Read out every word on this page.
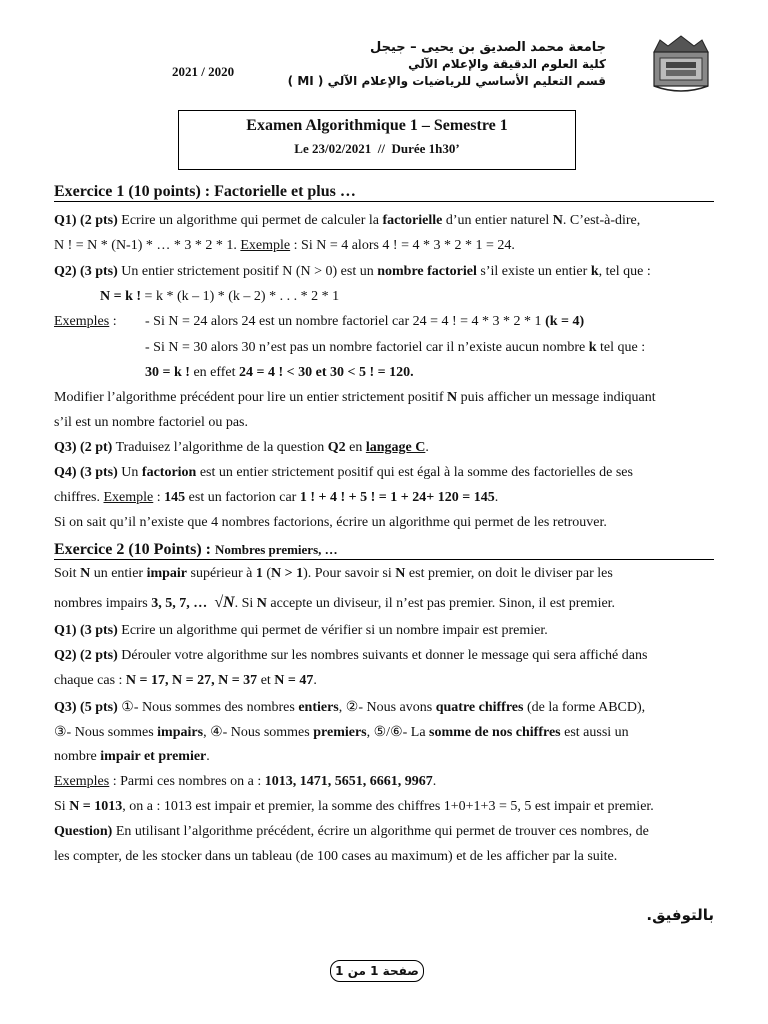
2021 / 2020
جامعة محمد الصديق بن يحيى – جيجل
كلية العلوم الدقيقة والإعلام الآلي
قسم التعليم الأساسي للرياضيات والإعلام الآلي ( MI )
Examen Algorithmique 1 – Semestre 1
Le 23/02/2021 // Durée 1h30’
Exercice 1 (10 points) : Factorielle et plus …
Q1) (2 pts) Ecrire un algorithme qui permet de calculer la factorielle d’un entier naturel N. C’est-à-dire,
N ! = N * (N-1) * … * 3 * 2 * 1. Exemple : Si N = 4 alors 4 ! = 4 * 3 * 2 * 1 = 24.
Q2) (3 pts) Un entier strictement positif N (N > 0) est un nombre factoriel s’il existe un entier k, tel que :
N = k ! = k * (k – 1) * (k – 2) * . . . * 2 * 1
Exemples : - Si N = 24 alors 24 est un nombre factoriel car 24 = 4 ! = 4 * 3 * 2 * 1 (k = 4)
- Si N = 30 alors 30 n’est pas un nombre factoriel car il n’existe aucun nombre k tel que :
30 = k ! en effet 24 = 4 ! < 30 et 30 < 5 ! = 120.
Modifier l’algorithme précédent pour lire un entier strictement positif N puis afficher un message indiquant
s’il est un nombre factoriel ou pas.
Q3) (2 pt) Traduisez l’algorithme de la question Q2 en langage C.
Q4) (3 pts) Un factorion est un entier strictement positif qui est égal à la somme des factorielles de ses
chiffres. Exemple : 145 est un factorion car 1 ! + 4 ! + 5 ! = 1 + 24+ 120 = 145.
Si on sait qu’il n’existe que 4 nombres factorions, écrire un algorithme qui permet de les retrouver.
Exercice 2 (10 Points) : Nombres premiers, …
Soit N un entier impair supérieur à 1 (N > 1). Pour savoir si N est premier, on doit le diviser par les
nombres impairs 3, 5, 7, … √N. Si N accepte un diviseur, il n’est pas premier. Sinon, il est premier.
Q1) (3 pts) Ecrire un algorithme qui permet de vérifier si un nombre impair est premier.
Q2) (2 pts) Dérouler votre algorithme sur les nombres suivants et donner le message qui sera affiché dans
chaque cas : N = 17, N = 27, N = 37 et N = 47.
Q3) (5 pts) ①- Nous sommes des nombres entiers, ②- Nous avons quatre chiffres (de la forme ABCD),
③- Nous sommes impairs, ④- Nous sommes premiers, ⑤/⑥- La somme de nos chiffres est aussi un
nombre impair et premier.
Exemples : Parmi ces nombres on a : 1013, 1471, 5651, 6661, 9967.
Si N = 1013, on a : 1013 est impair et premier, la somme des chiffres 1+0+1+3 = 5, 5 est impair et premier.
Question) En utilisant l’algorithme précédent, écrire un algorithme qui permet de trouver ces nombres, de
les compter, de les stocker dans un tableau (de 100 cases au maximum) et de les afficher par la suite.
بالتوفيق.
صفحة 1 من 1
